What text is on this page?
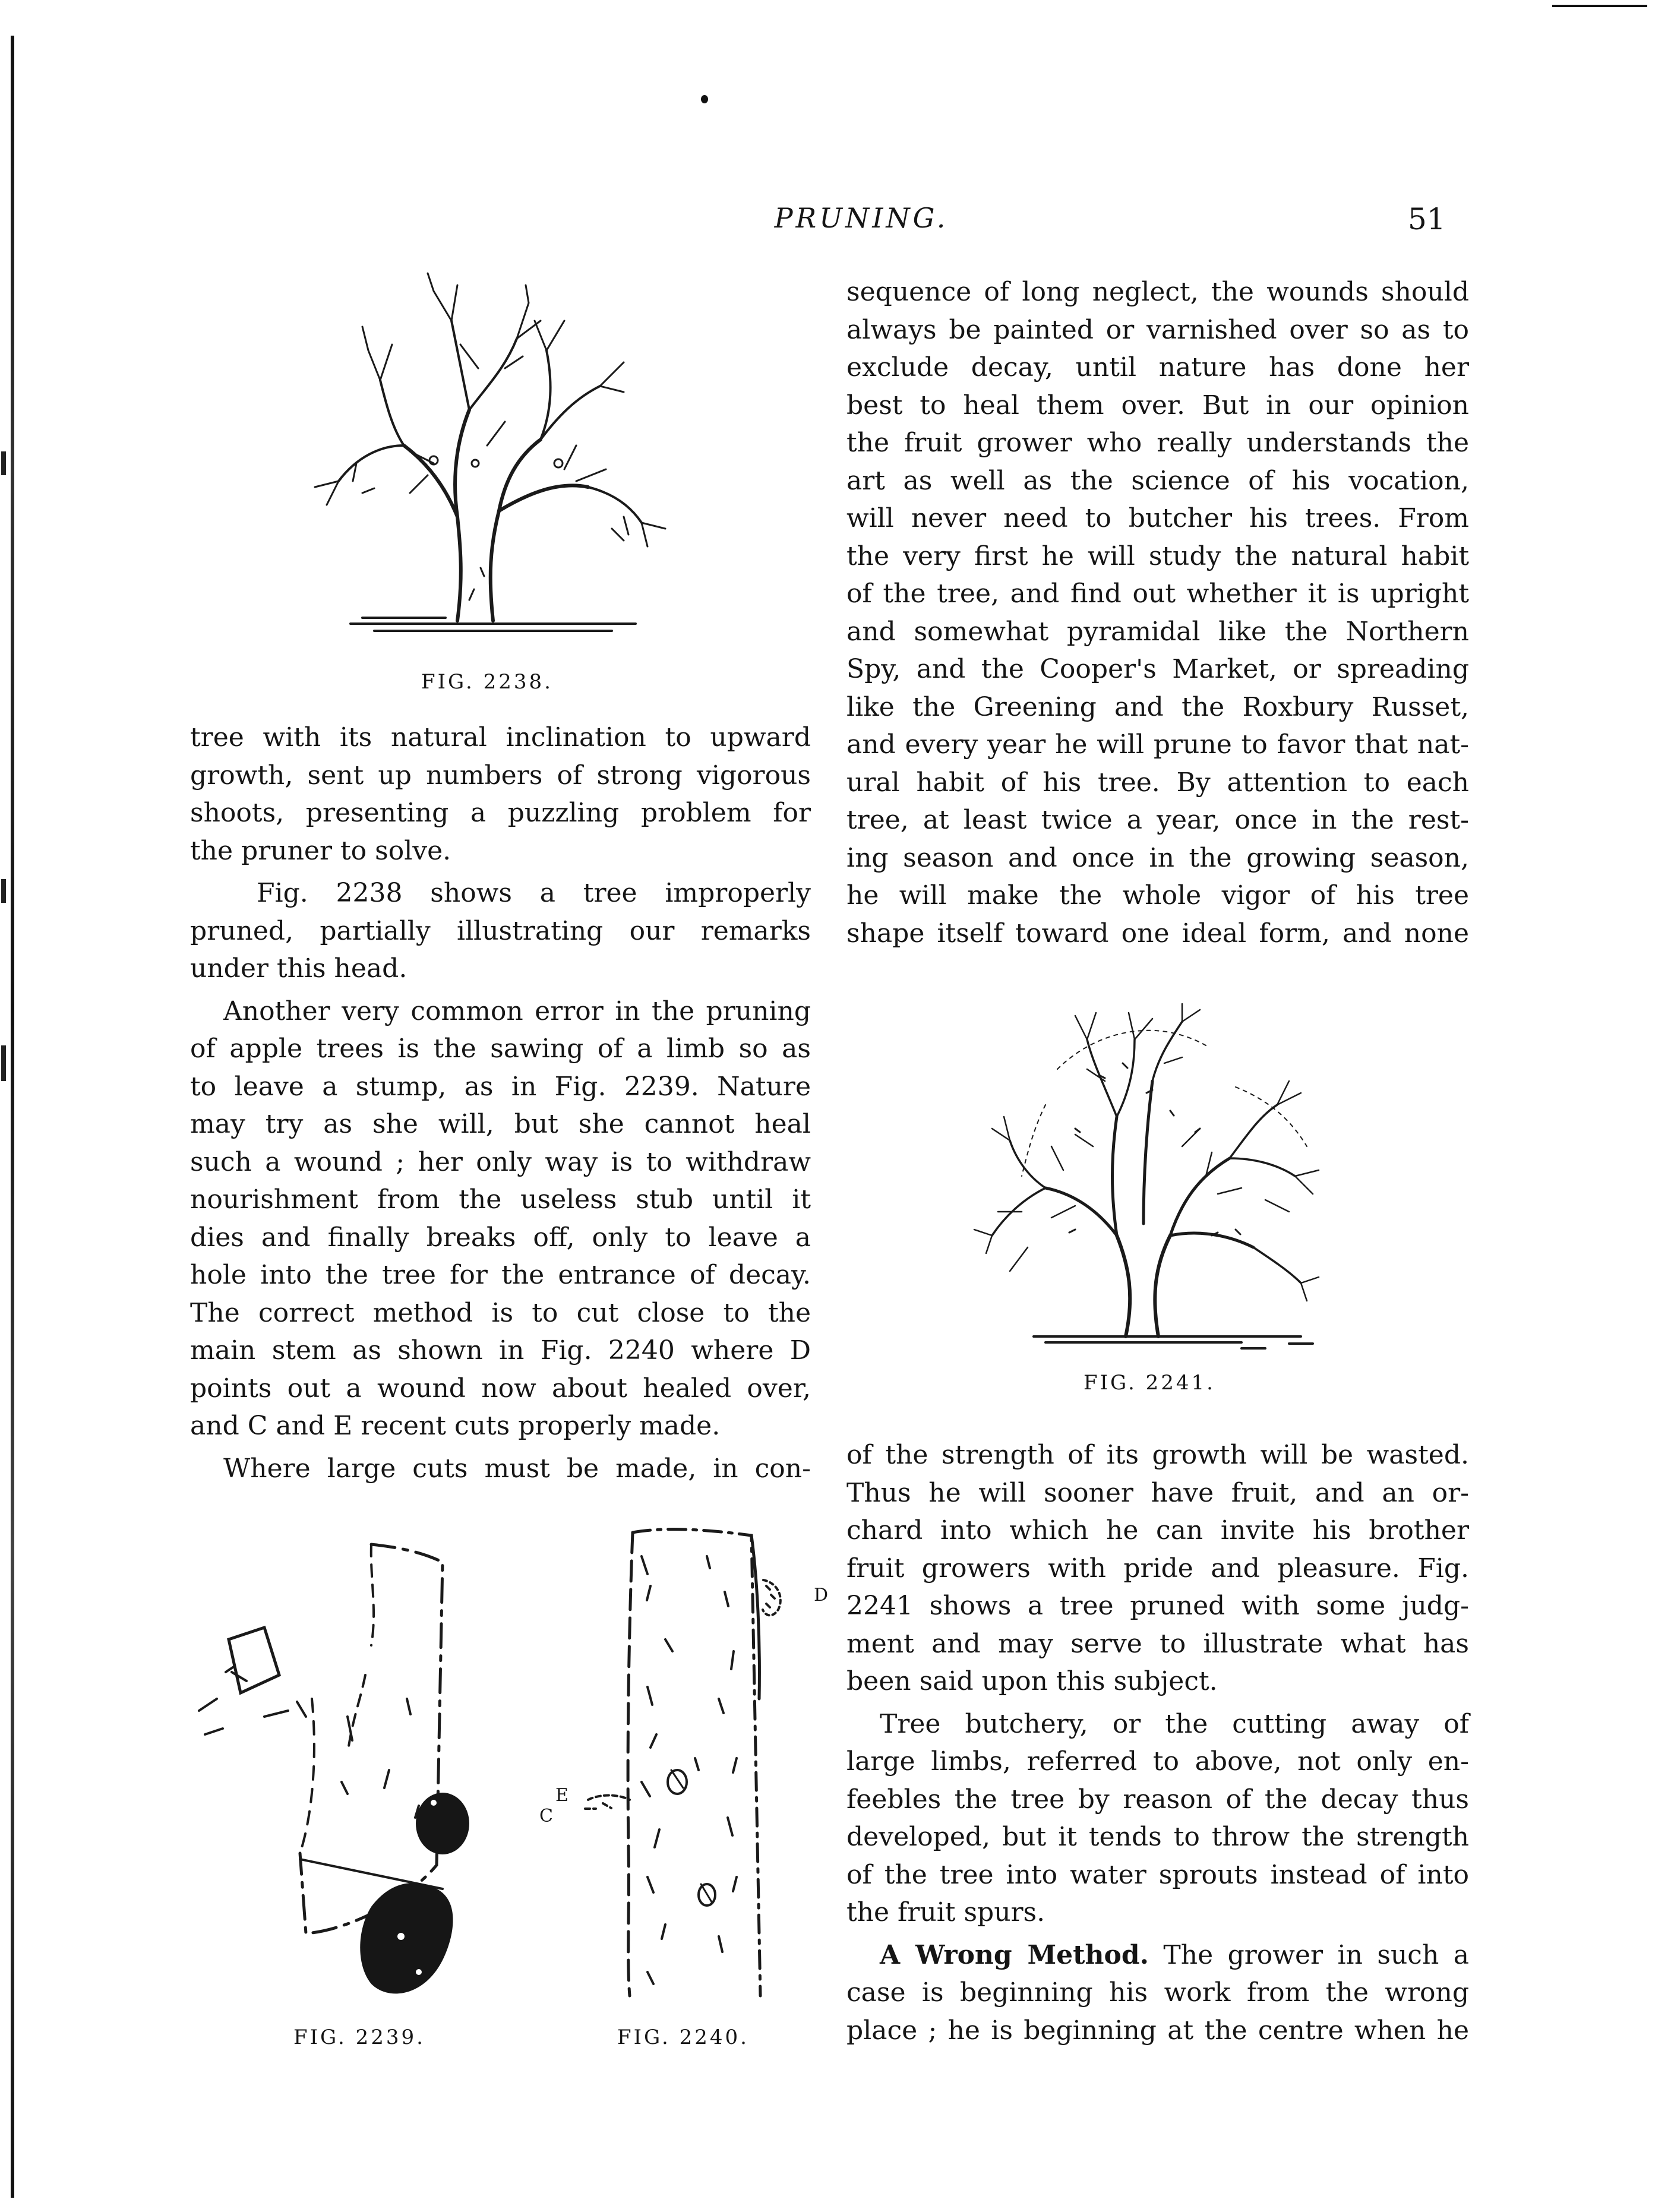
PRUNING.	51
FIG. 2238.
FIG. 2241.
FIG. 2239.
D
E
C
FIG. 2240.

tree with its natural inclination to upward
growth, sent up numbers of strong vigorous
shoots, presenting a puzzling problem for
the pruner to solve.

Fig. 2238 shows a tree improperly
pruned, partially illustrating our remarks
under this head.

Another very common error in the pruning
of apple trees is the sawing of a limb so as
to leave a stump, as in Fig. 2239. Nature
may try as she will, but she cannot heal
such a wound ; her only way is to withdraw
nourishment from the useless stub until it
dies and finally breaks off, only to leave a
hole into the tree for the entrance of decay.
The correct method is to cut close to the
main stem as shown in Fig. 2240 where D
points out a wound now about healed over,
and C and E recent cuts properly made.

Where large cuts must be made, in con-

sequence of long neglect, the wounds should
always be painted or varnished over so as to
exclude decay, until nature has done her
best to heal them over. But in our opinion
the fruit grower who really understands the
art as well as the science of his vocation,
will never need to butcher his trees. From
the very first he will study the natural habit
of the tree, and find out whether it is upright
and somewhat pyramidal like the Northern
Spy, and the Cooper's Market, or spreading
like the Greening and the Roxbury Russet,
and every year he will prune to favor that nat-
ural habit of his tree. By attention to each
tree, at least twice a year, once in the rest-
ing season and once in the growing season,
he will make the whole vigor of his tree
shape itself toward one ideal form, and none

of the strength of its growth will be wasted.
Thus he will sooner have fruit, and an or-
chard into which he can invite his brother
fruit growers with pride and pleasure. Fig.
2241 shows a tree pruned with some judg-
ment and may serve to illustrate what has
been said upon this subject.

Tree butchery, or the cutting away of
large limbs, referred to above, not only en-
feebles the tree by reason of the decay thus
developed, but it tends to throw the strength
of the tree into water sprouts instead of into
the fruit spurs.

A Wrong Method. The grower in such a
case is beginning his work from the wrong
place ; he is beginning at the centre when he
